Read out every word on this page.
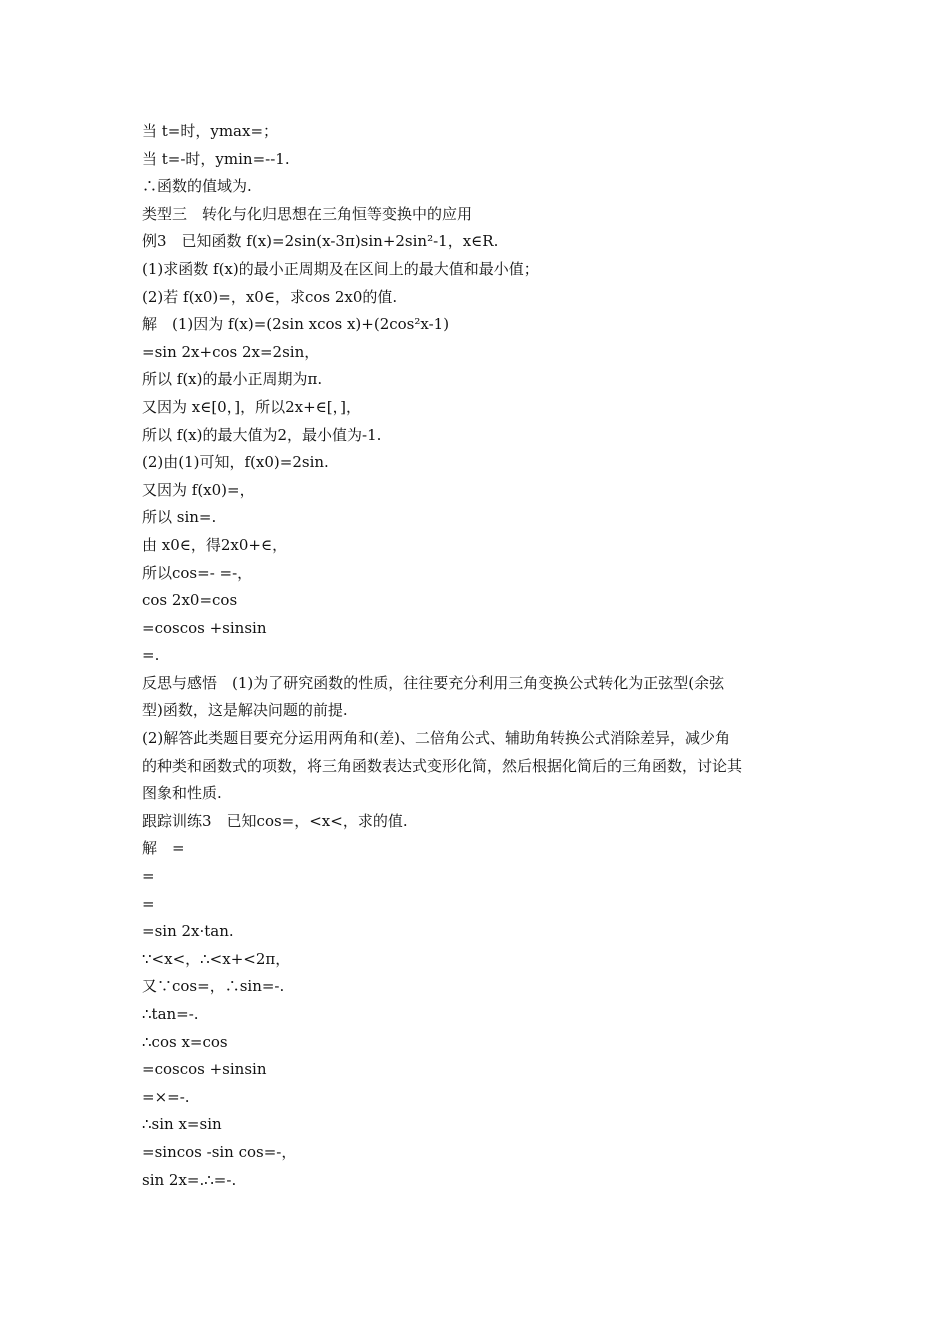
当 t=时，ymax=；
当 t=-时，ymin=--1.
∴函数的值域为.
类型三　转化与化归思想在三角恒等变换中的应用
例3　已知函数 f(x)=2sin(x-3π)sin+2sin²-1，x∈R.
(1)求函数 f(x)的最小正周期及在区间上的最大值和最小值；
(2)若 f(x0)=，x0∈，求cos 2x0的值.
解　(1)因为 f(x)=(2sin xcos x)+(2cos²x-1)
=sin 2x+cos 2x=2sin，
所以 f(x)的最小正周期为π.
又因为 x∈[0，]，所以2x+∈[，]，
所以 f(x)的最大值为2，最小值为-1.
(2)由(1)可知，f(x0)=2sin.
又因为 f(x0)=，
所以 sin=.
由 x0∈，得2x0+∈，
所以cos=- =-，
cos 2x0=cos
=coscos +sinsin
=.
反思与感悟　(1)为了研究函数的性质，往往要充分利用三角变换公式转化为正弦型(余弦
型)函数，这是解决问题的前提.
(2)解答此类题目要充分运用两角和(差)、二倍角公式、辅助角转换公式消除差异，减少角
的种类和函数式的项数，将三角函数表达式变形化简，然后根据化简后的三角函数，讨论其
图象和性质.
跟踪训练3　已知cos=，<x<，求的值.
解　=
=
=
=sin 2x·tan.
∵<x<，∴<x+<2π，
又∵cos=，∴sin=-.
∴tan=-.
∴cos x=cos
=coscos +sinsin
=×=-.
∴sin x=sin
=sincos -sin cos=-，
sin 2x=.∴=-.
